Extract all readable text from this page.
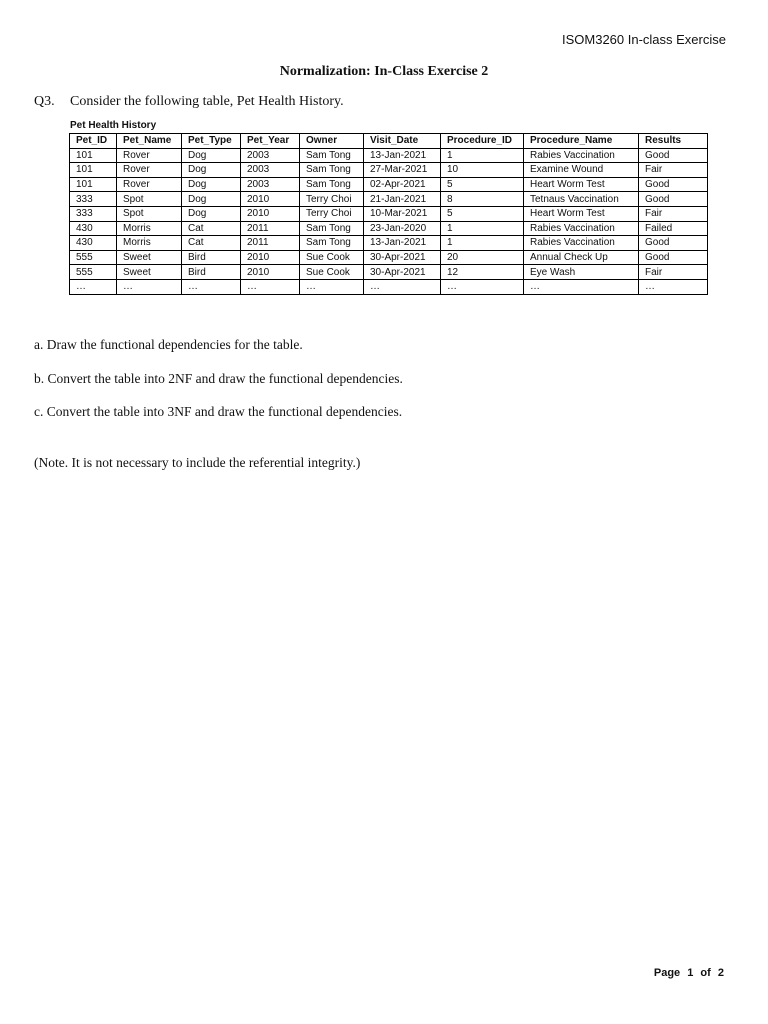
ISOM3260 In-class Exercise
Normalization: In-Class Exercise 2
Q3. Consider the following table, Pet Health History.
Pet Health History
Pet_ID	Pet_Name	Pet_Type	Pet_Year	Owner	Visit_Date	Procedure_ID	Procedure_Name	Results
101	Rover	Dog	2003	Sam Tong	13-Jan-2021	1	Rabies Vaccination	Good
101	Rover	Dog	2003	Sam Tong	27-Mar-2021	10	Examine Wound	Fair
101	Rover	Dog	2003	Sam Tong	02-Apr-2021	5	Heart Worm Test	Good
333	Spot	Dog	2010	Terry Choi	21-Jan-2021	8	Tetnaus Vaccination	Good
333	Spot	Dog	2010	Terry Choi	10-Mar-2021	5	Heart Worm Test	Fair
430	Morris	Cat	2011	Sam Tong	23-Jan-2020	1	Rabies Vaccination	Failed
430	Morris	Cat	2011	Sam Tong	13-Jan-2021	1	Rabies Vaccination	Good
555	Sweet	Bird	2010	Sue Cook	30-Apr-2021	20	Annual Check Up	Good
555	Sweet	Bird	2010	Sue Cook	30-Apr-2021	12	Eye Wash	Fair
…	…	…	…	…	…	…	…	…
a. Draw the functional dependencies for the table.
b. Convert the table into 2NF and draw the functional dependencies.
c. Convert the table into 3NF and draw the functional dependencies.
(Note. It is not necessary to include the referential integrity.)
Page 1 of 2
